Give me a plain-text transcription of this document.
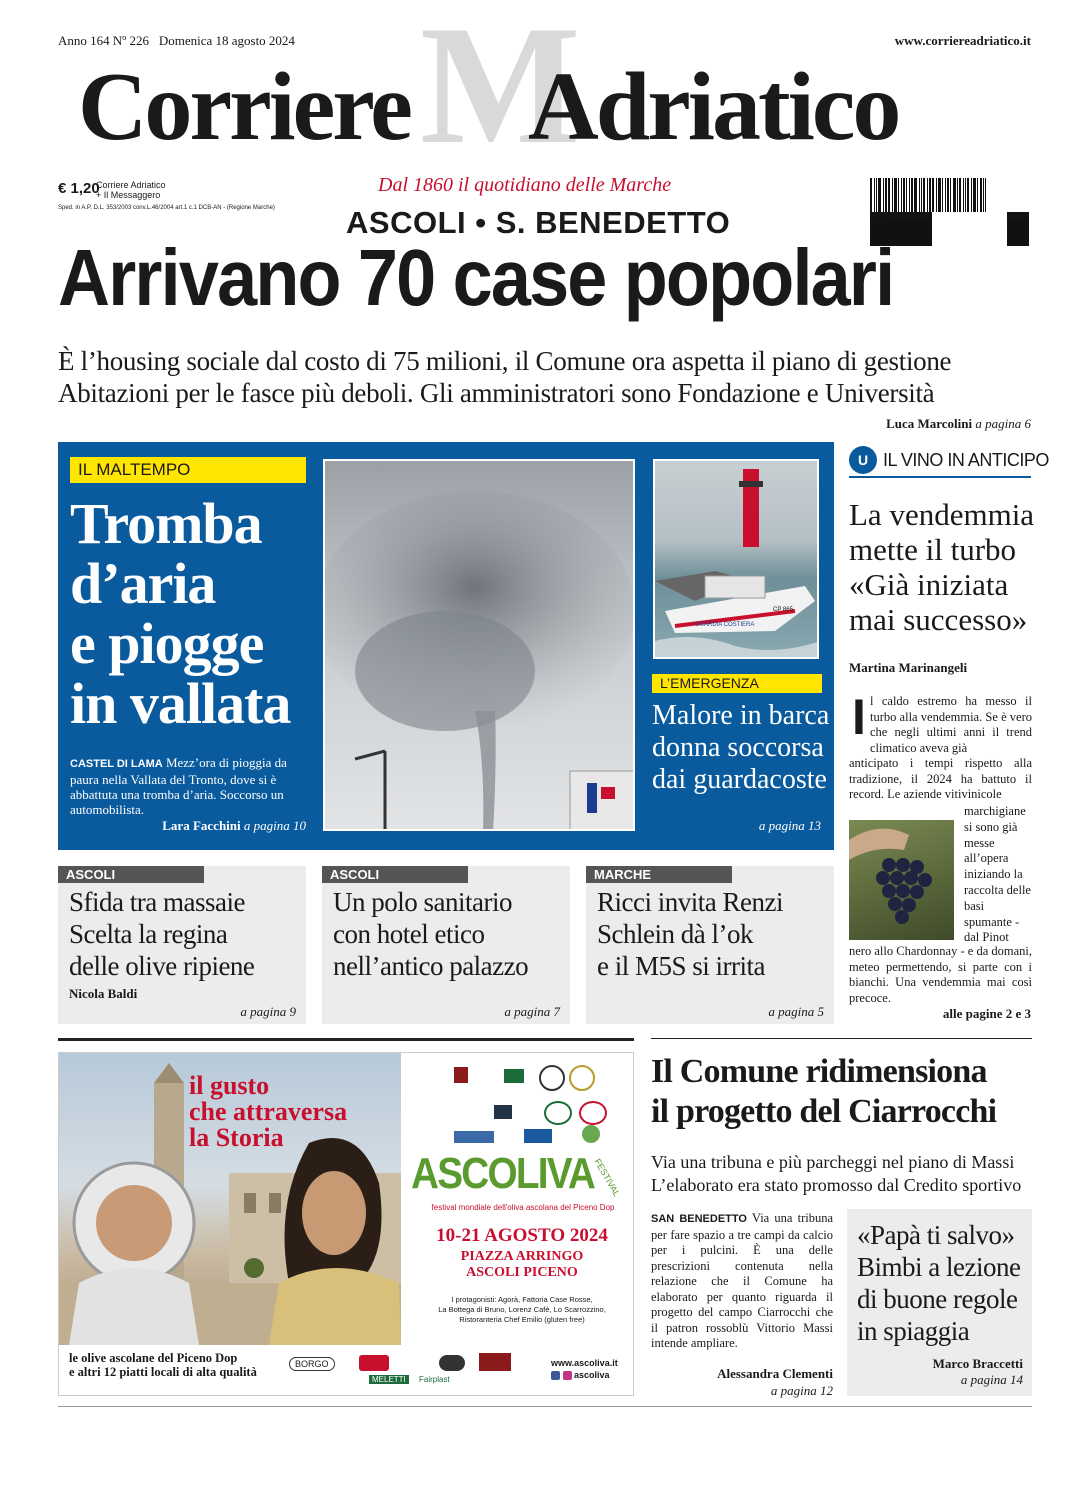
Anno 164 Nº 226 Domenica 18 agosto 2024	www.corriereadriatico.it
M
Corriere Adriatico
€ 1,20
Corriere Adriatico
+ Il Messaggero
Sped. in A.P. D.L. 353/2003 conv.L.46/2004 art.1 c.1 DCB-AN - (Regione Marche)
Dal 1860 il quotidiano delle Marche
ASCOLI • S. BENEDETTO	9 771590 649412	40818
Arrivano 70 case popolari
È l’housing sociale dal costo di 75 milioni, il Comune ora aspetta il piano di gestione
Abitazioni per le fasce più deboli. Gli amministratori sono Fondazione e Università
Luca Marcolini a pagina 6
IL MALTEMPO
Tromba
d’aria
e piogge
in vallata
CASTEL DI LAMA Mezz’ora di pioggia da paura nella Vallata del Tronto, dove si è abbattuta una tromba d’aria. Soccorso un automobilista.
Lara Facchini a pagina 10
GUARDIA COSTIERA
CP 865
L’EMERGENZA
Malore in barca
donna soccorsa
dai guardacoste
a pagina 13
U IL VINO IN ANTICIPO
La vendemmia
mette il turbo
«Già iniziata
mai successo»
Martina Marinangeli
I l caldo estremo ha messo il turbo alla vendemmia. Se è vero che negli ultimi anni il trend climatico aveva già
anticipato i tempi rispetto alla tradizione, il 2024 ha battuto il record. Le aziende vitivinicole
marchigiane si sono già messe all’opera iniziando la raccolta delle basi spumante - dal Pinot
nero allo Chardonnay - e da domani, meteo permettendo, si parte con i bianchi. Una vendemmia mai così precoce.
alle pagine 2 e 3
ASCOLI
Sfida tra massaie
Scelta la regina
delle olive ripiene
Nicola Baldi
a pagina 9
ASCOLI
Un polo sanitario
con hotel etico
nell’antico palazzo
a pagina 7
MARCHE
Ricci invita Renzi
Schlein dà l’ok
e il M5S si irrita
a pagina 5
il gusto
che attraversa
la Storia
le olive ascolane del Piceno Dop
e altri 12 piatti locali di alta qualità
BORGO
MELETTI	Fairplast
www.ascoliva.it
ascoliva
ASCOLIVA
FESTIVAL
festival mondiale dell'oliva ascolana del Piceno Dop
10-21 AGOSTO 2024
PIAZZA ARRINGO
ASCOLI PICENO
I protagonisti: Agorà, Fattoria Case Rosse,
La Bottega di Bruno, Lorenz Cafè, Lo Scarrozzino,
Ristoranteria Chef Emilio (gluten free)
Il Comune ridimensiona
il progetto del Ciarrocchi
Via una tribuna e più parcheggi nel piano di Massi
L’elaborato era stato promosso dal Credito sportivo
SAN BENEDETTO Via una tribuna per fare spazio a tre campi da calcio per i pulcini. È una delle prescrizioni contenuta nella relazione che il Comune ha elaborato per quanto riguarda il progetto del campo Ciarrocchi che il patron rossoblù Vittorio Massi intende ampliare.
Alessandra Clementi
a pagina 12
«Papà ti salvo»
Bimbi a lezione
di buone regole
in spiaggia
Marco Braccetti
a pagina 14
